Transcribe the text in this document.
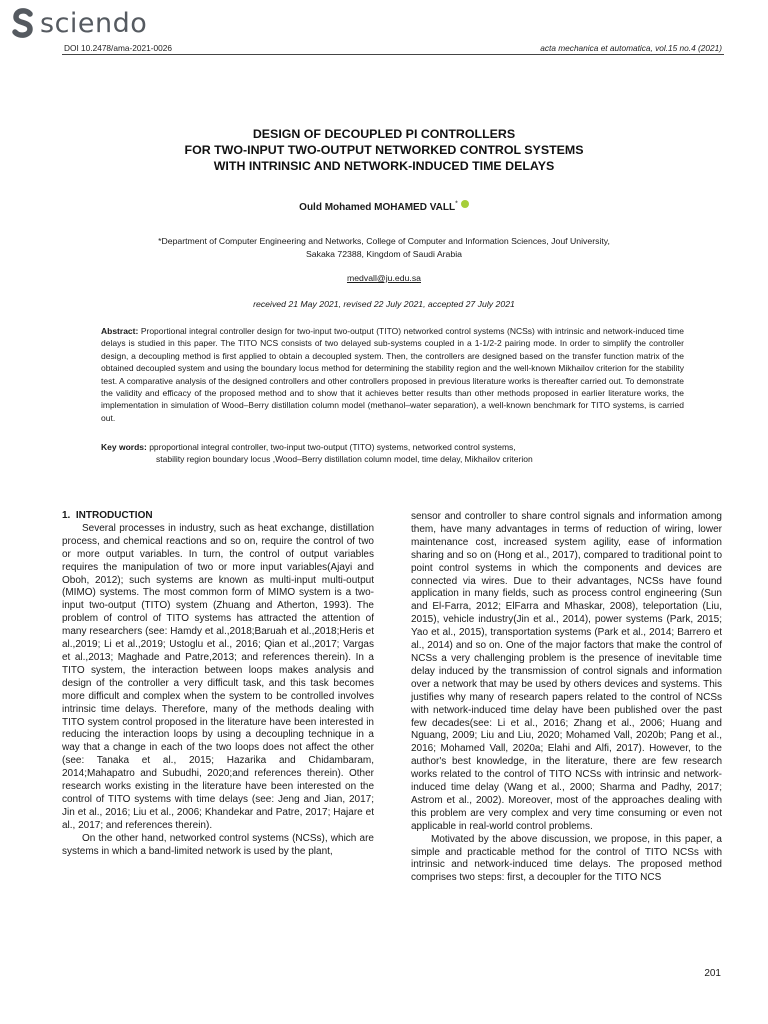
sciendo
DOI 10.2478/ama-2021-0026	acta mechanica et automatica, vol.15 no.4 (2021)
DESIGN OF DECOUPLED PI CONTROLLERS
FOR TWO-INPUT TWO-OUTPUT NETWORKED CONTROL SYSTEMS
WITH INTRINSIC AND NETWORK-INDUCED TIME DELAYS
Ould Mohamed MOHAMED VALL*
*Department of Computer Engineering and Networks, College of Computer and Information Sciences, Jouf University,
Sakaka 72388, Kingdom of Saudi Arabia
medvall@ju.edu.sa
received 21 May 2021, revised 22 July 2021, accepted 27 July 2021
Abstract: Proportional integral controller design for two-input two-output (TITO) networked control systems (NCSs) with intrinsic and network-induced time delays is studied in this paper. The TITO NCS consists of two delayed sub-systems coupled in a 1-1/2-2 pairing mode. In order to simplify the controller design, a decoupling method is first applied to obtain a decoupled system. Then, the controllers are designed based on the transfer function matrix of the obtained decoupled system and using the boundary locus method for determining the stability region and the well-known Mikhailov criterion for the stability test. A comparative analysis of the designed controllers and other controllers proposed in previous literature works is thereafter carried out. To demonstrate the validity and efficacy of the proposed method and to show that it achieves better results than other methods proposed in earlier literature works, the implementation in simulation of Wood–Berry distillation column model (methanol–water separation), a well-known benchmark for TITO systems, is carried out.
Key words: pproportional integral controller, two-input two-output (TITO) systems, networked control systems,
stability region boundary locus ,Wood–Berry distillation column model, time delay, Mikhailov criterion

1. INTRODUCTION

Several processes in industry, such as heat exchange, distillation process, and chemical reactions and so on, require the control of two or more output variables. In turn, the control of output variables requires the manipulation of two or more input variables(Ajayi and Oboh, 2012); such systems are known as multi-input multi-output (MIMO) systems. The most common form of MIMO system is a two-input two-output (TITO) system (Zhuang and Atherton, 1993). The problem of control of TITO systems has attracted the attention of many researchers (see: Hamdy et al.,2018;Baruah et al.,2018;Heris et al.,2019; Li et al.,2019; Ustoglu et al., 2016; Qian et al.,2017; Vargas et al.,2013; Maghade and Patre,2013; and references therein). In a TITO system, the interaction between loops makes analysis and design of the controller a very difficult task, and this task becomes more difficult and complex when the system to be controlled involves intrinsic time delays. Therefore, many of the methods dealing with TITO system control proposed in the literature have been interested in reducing the interaction loops by using a decoupling technique in a way that a change in each of the two loops does not affect the other (see: Tanaka et al., 2015; Hazarika and Chidambaram, 2014;Mahapatro and Subudhi, 2020;and references therein). Other research works existing in the literature have been interested on the control of TITO systems with time delays (see: Jeng and Jian, 2017; Jin et al., 2016; Liu et al., 2006; Khandekar and Patre, 2017; Hajare et al., 2017; and references therein).

On the other hand, networked control systems (NCSs), which are systems in which a band-limited network is used by the plant,

sensor and controller to share control signals and information among them, have many advantages in terms of reduction of wiring, lower maintenance cost, increased system agility, ease of information sharing and so on (Hong et al., 2017), compared to traditional point to point control systems in which the components and devices are connected via wires. Due to their advantages, NCSs have found application in many fields, such as process control engineering (Sun and El-Farra, 2012; ElFarra and Mhaskar, 2008), teleportation (Liu, 2015), vehicle industry(Jin et al., 2014), power systems (Park, 2015; Yao et al., 2015), transportation systems (Park et al., 2014; Barrero et al., 2014) and so on. One of the major factors that make the control of NCSs a very challenging problem is the presence of inevitable time delay induced by the transmission of control signals and information over a network that may be used by others devices and systems. This justifies why many of research papers related to the control of NCSs with network-induced time delay have been published over the past few decades(see: Li et al., 2016; Zhang et al., 2006; Huang and Nguang, 2009; Liu and Liu, 2020; Mohamed Vall, 2020b; Pang et al., 2016; Mohamed Vall, 2020a; Elahi and Alfi, 2017). However, to the author's best knowledge, in the literature, there are few research works related to the control of TITO NCSs with intrinsic and network-induced time delay (Wang et al., 2000; Sharma and Padhy, 2017; Astrom et al., 2002). Moreover, most of the approaches dealing with this problem are very complex and very time consuming or even not applicable in real-world control problems.

Motivated by the above discussion, we propose, in this paper, a simple and practicable method for the control of TITO NCSs with intrinsic and network-induced time delays. The proposed method comprises two steps: first, a decoupler for the TITO NCS

201
